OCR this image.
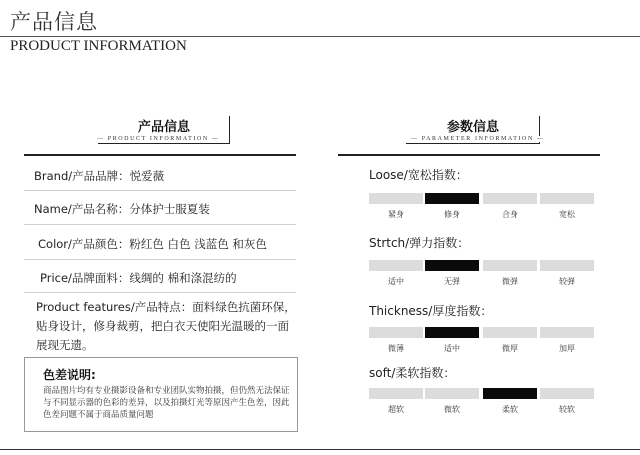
产品信息
PRODUCT INFORMATION
产品信息
— PRODUCT INFORMATION —
Brand/产品品牌：悦爱薇
Name/产品名称：分体护士服夏装
Color/产品颜色：粉红色 白色 浅蓝色 和灰色
Price/品牌面料：线绸的 棉和涤混纺的
Product features/产品特点：面料绿色抗菌环保，贴身设计，修身裁剪，把白衣天使阳光温暖的一面展现无遗。
色差说明:
商品图片均有专业摄影设备和专业团队实物拍摄，但仍然无法保证与不同显示器的色彩的差异，以及拍摄灯光等原因产生色差，因此色差问题不属于商品质量问题
参数信息
— PARAMETER INFORMATION —
Loose/宽松指数：
Strtch/弹力指数：
Thickness/厚度指数：
soft/柔软指数：
紧身	修身	合身	宽松
适中	无弹	微弹	较弹
微薄	适中	微厚	加厚
超软	微软	柔软	较软
